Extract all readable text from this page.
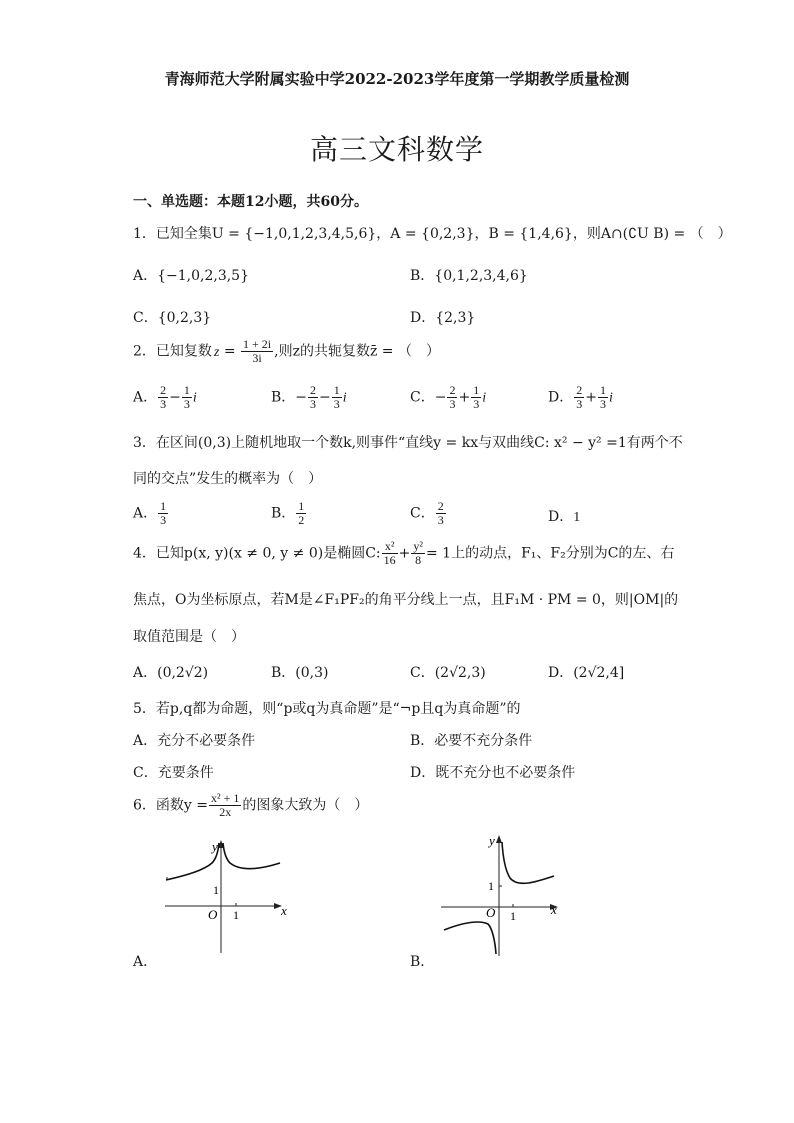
青海师范大学附属实验中学2022-2023学年度第一学期教学质量检测
高三文科数学
一、单选题：本题12小题，共60分。
1．已知全集U = {−1,0,1,2,3,4,5,6}，A = {0,2,3}，B = {1,4,6}，则A∩(∁U B) = （　）
A．{−1,0,2,3,5}	B．{0,1,2,3,4,6}
C．{0,2,3}	D．{2,3}
2．已知复数 $z = \frac{1 + 2i}{3i}$ ,则z的共轭复数z̄ = （　）
A． $\frac{2}{3} - \frac{1}{3}$ i	B．− $\frac{2}{3} - \frac{1}{3}$ i	C．− $\frac{2}{3} + \frac{1}{3}$ i	D． $\frac{2}{3} + \frac{1}{3}$ i
3．在区间(0,3)上随机地取一个数k,则事件“直线y = kx与双曲线C: x² − y² =1有两个不
同的交点”发生的概率为（　）
A． $\frac{1}{3}$	B． $\frac{1}{2}$	C． $\frac{2}{3}$	D．1
4．已知p(x, y)(x ≠ 0, y ≠ 0)是椭圆C: $\frac{\text{x²}}{16} + \frac{\text{y²}}{8} = 1$上的动点，F₁、F₂分别为C的左、右
焦点，O为坐标原点，若M是∠F₁PF₂的角平分线上一点，且F₁M · PM = 0，则|OM|的
取值范围是（　）
A．(0,2√2)	B．(0,3)	C．(2√2,3)	D．(2√2,4]
5．若p,q都为命题，则“p或q为真命题”是“¬p且q为真命题”的
A．充分不必要条件	B．必要不充分条件
C．充要条件	D．既不充分也不必要条件
6．函数$y = \frac{\text{x² + 1}}{2x}$ 的图象大致为（　）
y
x
O 1
1
A．
y
x
O 1
1
B．
